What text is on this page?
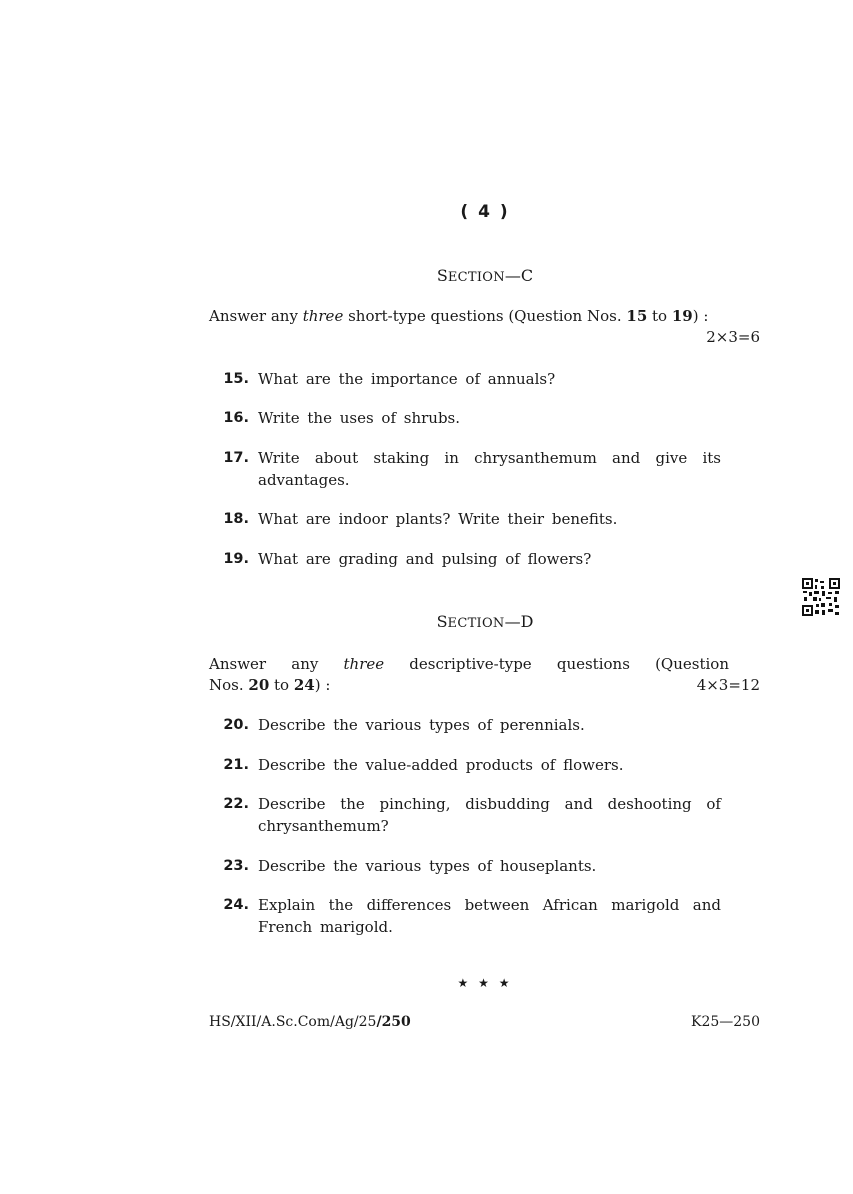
( 4 )
SECTION—C
Answer any three short-type questions (Question Nos. 15 to 19) :
2×3=6
15. What are the importance of annuals?
16. Write the uses of shrubs.
17. Write about staking in chrysanthemum and give its advantages.
18. What are indoor plants? Write their benefits.
19. What are grading and pulsing of flowers?
SECTION—D
Answer any three descriptive-type questions (Question
Nos. 20 to 24) :	4×3=12
20. Describe the various types of perennials.
21. Describe the value-added products of flowers.
22. Describe the pinching, disbudding and deshooting of chrysanthemum?
23. Describe the various types of houseplants.
24. Explain the differences between African marigold and French marigold.
★ ★ ★
HS/XII/A.Sc.Com/Ag/25/250	K25—250
